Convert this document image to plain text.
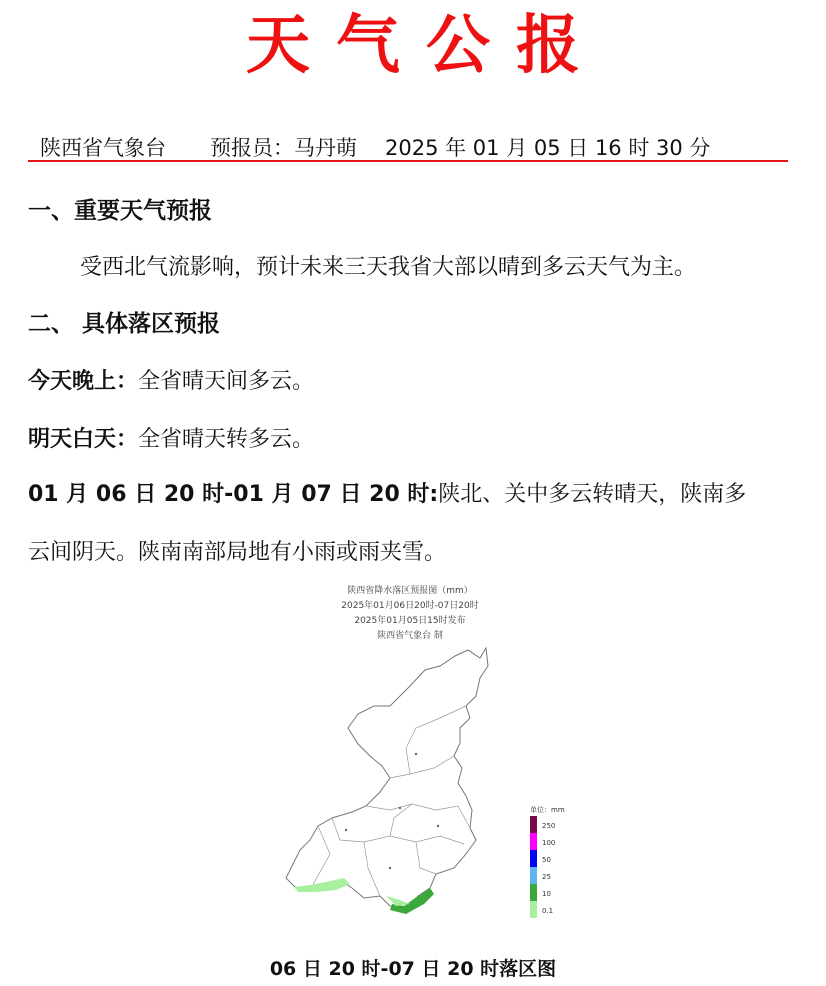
天气公报
陕西省气象台 预报员：马丹萌 2025 年 01 月 05 日 16 时 30 分
一、重要天气预报
受西北气流影响，预计未来三天我省大部以晴到多云天气为主。
二、 具体落区预报
今天晚上：全省晴天间多云。
明天白天：全省晴天转多云。
01 月 06 日 20 时-01 月 07 日 20 时:陕北、关中多云转晴天，陕南多
云间阴天。陕南南部局地有小雨或雨夹雪。
陕西省降水落区预报图（mm）
2025年01月06日20时-07日20时
2025年01月05日15时发布
陕西省气象台 制
单位：mm
250
100
50
25
10
0.1
06 日 20 时-07 日 20 时落区图
